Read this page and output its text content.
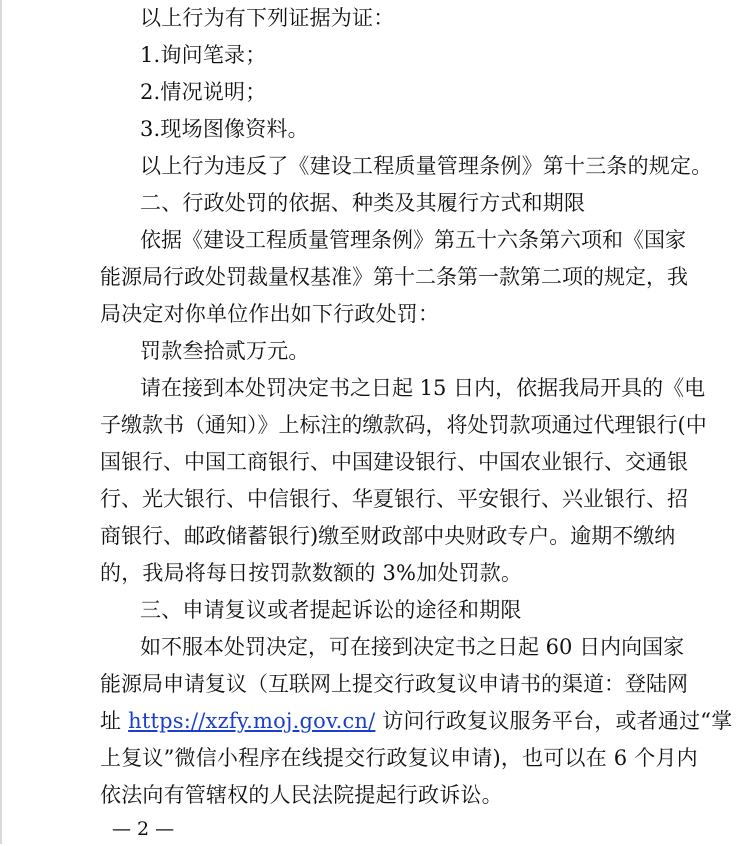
以上行为有下列证据为证：
1.询问笔录；
2.情况说明；
3.现场图像资料。
以上行为违反了《建设工程质量管理条例》第十三条的规定。
二、行政处罚的依据、种类及其履行方式和期限
依据《建设工程质量管理条例》第五十六条第六项和《国家
能源局行政处罚裁量权基准》第十二条第一款第二项的规定，我
局决定对你单位作出如下行政处罚：
罚款叁拾贰万元。
请在接到本处罚决定书之日起 15 日内，依据我局开具的《电
子缴款书（通知）》上标注的缴款码，将处罚款项通过代理银行(中
国银行、中国工商银行、中国建设银行、中国农业银行、交通银
行、光大银行、中信银行、华夏银行、平安银行、兴业银行、招
商银行、邮政储蓄银行)缴至财政部中央财政专户。逾期不缴纳
的，我局将每日按罚款数额的 3%加处罚款。
三、申请复议或者提起诉讼的途径和期限
如不服本处罚决定，可在接到决定书之日起 60 日内向国家
能源局申请复议（互联网上提交行政复议申请书的渠道：登陆网
址 https://xzfy.moj.gov.cn/ 访问行政复议服务平台，或者通过“掌
上复议”微信小程序在线提交行政复议申请)，也可以在 6 个月内
依法向有管辖权的人民法院提起行政诉讼。
— 2 —
